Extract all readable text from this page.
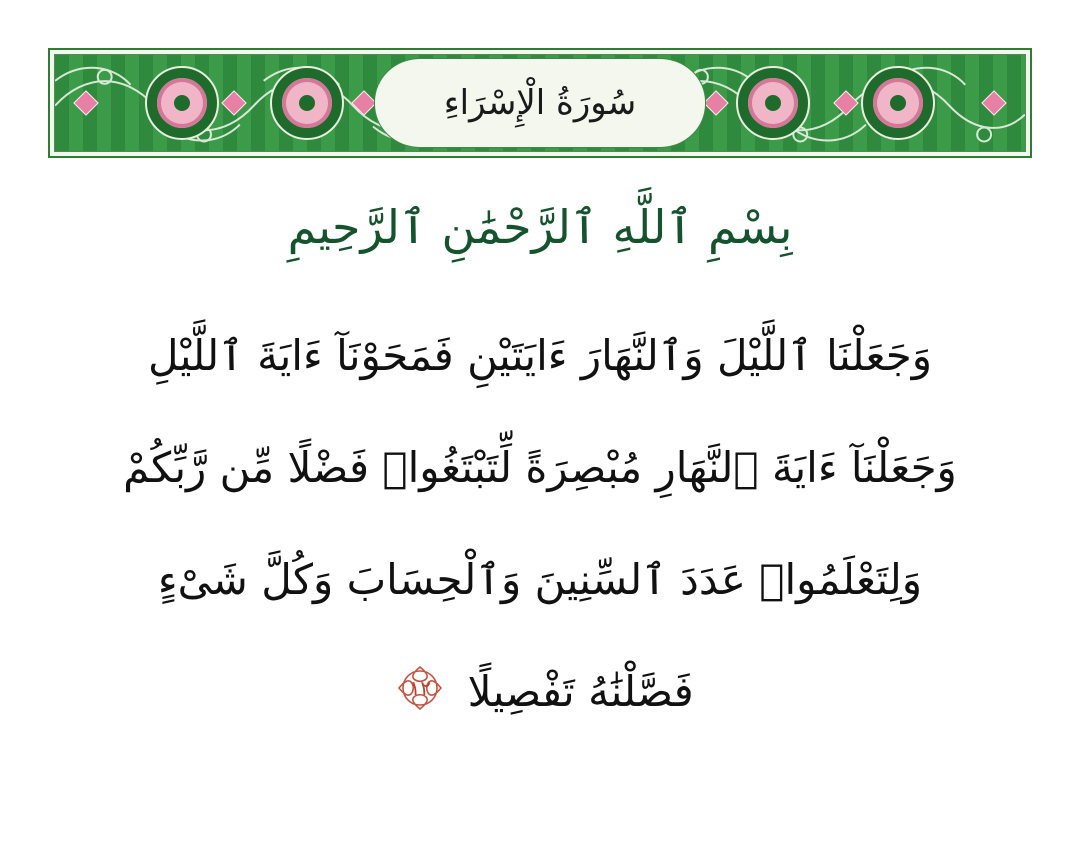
سُورَةُ الْإِسْرَاءِ
بِسْمِ ٱللَّهِ ٱلرَّحْمَٰنِ ٱلرَّحِيمِ
وَجَعَلْنَا ٱللَّيْلَ وَٱلنَّهَارَ ءَايَتَيْنِ فَمَحَوْنَآ ءَايَةَ ٱللَّيْلِ
وَجَعَلْنَآ ءَايَةَ ٱلنَّهَارِ مُبْصِرَةً لِّتَبْتَغُوا۟ فَضْلًا مِّن رَّبِّكُمْ
وَلِتَعْلَمُوا۟ عَدَدَ ٱلسِّنِينَ وَٱلْحِسَابَ وَكُلَّ شَىْءٍ
فَصَّلْنَٰهُ تَفْصِيلًا
١٢
